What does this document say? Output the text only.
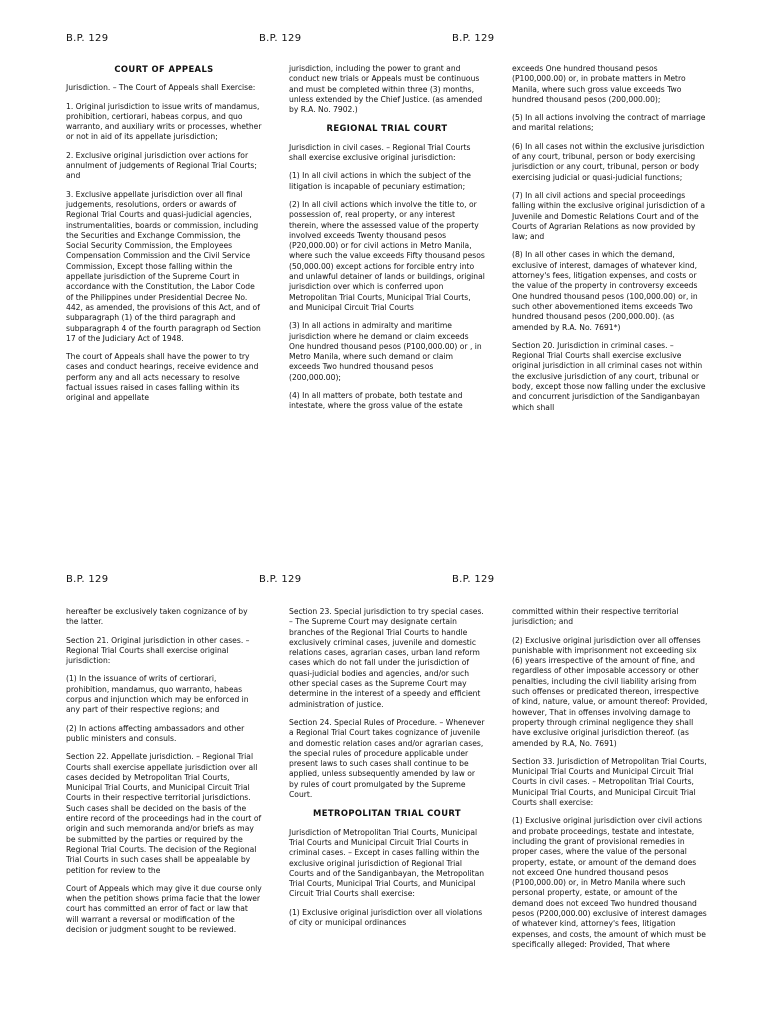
B.P. 129	B.P. 129	B.P. 129
COURT OF APPEALS

Jurisdiction. – The Court of Appeals shall Exercise:

1. Original jurisdiction to issue writs of mandamus, prohibition, certiorari, habeas corpus, and quo warranto, and auxiliary writs or processes, whether or not in aid of its appellate jurisdiction;

2. Exclusive original jurisdiction over actions for annulment of judgements of Regional Trial Courts; and

3. Exclusive appellate jurisdiction over all final judgements, resolutions, orders or awards of Regional Trial Courts and quasi-judicial agencies, instrumentalities, boards or commission, including the Securities and Exchange Commission, the Social Security Commission, the Employees Compensation Commission and the Civil Service Commission, Except those falling within the appellate jurisdiction of the Supreme Court in accordance with the Constitution, the Labor Code of the Philippines under Presidential Decree No. 442, as amended, the provisions of this Act, and of subparagraph (1) of the third paragraph and subparagraph 4 of the fourth paragraph od Section 17 of the Judiciary Act of 1948.

The court of Appeals shall have the power to try cases and conduct hearings, receive evidence and perform any and all acts necessary to resolve factual issues raised in cases falling within its original and appellate

jurisdiction, including the power to grant and conduct new trials or Appeals must be continuous and must be completed within three (3) months, unless extended by the Chief Justice. (as amended by R.A. No. 7902.)

REGIONAL TRIAL COURT

Jurisdiction in civil cases. – Regional Trial Courts shall exercise exclusive original jurisdiction:

(1) In all civil actions in which the subject of the litigation is incapable of pecuniary estimation;

(2) In all civil actions which involve the title to, or possession of, real property, or any interest therein, where the assessed value of the property involved exceeds Twenty thousand pesos (P20,000.00) or for civil actions in Metro Manila, where such the value exceeds Fifty thousand pesos (50,000.00) except actions for forcible entry into and unlawful detainer of lands or buildings, original jurisdiction over which is conferred upon Metropolitan Trial Courts, Municipal Trial Courts, and Municipal Circuit Trial Courts

(3) In all actions in admiralty and maritime jurisdiction where he demand or claim exceeds One hundred thousand pesos (P100,000.00) or , in Metro Manila, where such demand or claim exceeds Two hundred thousand pesos (200,000.00);

(4) In all matters of probate, both testate and intestate, where the gross value of the estate

exceeds One hundred thousand pesos (P100,000.00) or, in probate matters in Metro Manila, where such gross value exceeds Two hundred thousand pesos (200,000.00);

(5) In all actions involving the contract of marriage and marital relations;

(6) In all cases not within the exclusive jurisdiction of any court, tribunal, person or body exercising jurisdiction or any court, tribunal, person or body exercising judicial or quasi-judicial functions;

(7) In all civil actions and special proceedings falling within the exclusive original jurisdiction of a Juvenile and Domestic Relations Court and of the Courts of Agrarian Relations as now provided by law; and

(8) In all other cases in which the demand, exclusive of interest, damages of whatever kind, attorney's fees, litigation expenses, and costs or the value of the property in controversy exceeds One hundred thousand pesos (100,000.00) or, in such other abovementioned items exceeds Two hundred thousand pesos (200,000.00). (as amended by R.A. No. 7691*)

Section 20. Jurisdiction in criminal cases. – Regional Trial Courts shall exercise exclusive original jurisdiction in all criminal cases not within the exclusive jurisdiction of any court, tribunal or body, except those now falling under the exclusive and concurrent jurisdiction of the Sandiganbayan which shall

B.P. 129	B.P. 129	B.P. 129

hereafter be exclusively taken cognizance of by the latter.

Section 21. Original jurisdiction in other cases. – Regional Trial Courts shall exercise original jurisdiction:

(1) In the issuance of writs of certiorari, prohibition, mandamus, quo warranto, habeas corpus and injunction which may be enforced in any part of their respective regions; and

(2) In actions affecting ambassadors and other public ministers and consuls.

Section 22. Appellate jurisdiction. – Regional Trial Courts shall exercise appellate jurisdiction over all cases decided by Metropolitan Trial Courts, Municipal Trial Courts, and Municipal Circuit Trial Courts in their respective territorial jurisdictions. Such cases shall be decided on the basis of the entire record of the proceedings had in the court of origin and such memoranda and/or briefs as may be submitted by the parties or required by the Regional Trial Courts. The decision of the Regional Trial Courts in such cases shall be appealable by petition for review to the

Court of Appeals which may give it due course only when the petition shows prima facie that the lower court has committed an error of fact or law that will warrant a reversal or modification of the decision or judgment sought to be reviewed.

Section 23. Special jurisdiction to try special cases. – The Supreme Court may designate certain branches of the Regional Trial Courts to handle exclusively criminal cases, juvenile and domestic relations cases, agrarian cases, urban land reform cases which do not fall under the jurisdiction of quasi-judicial bodies and agencies, and/or such other special cases as the Supreme Court may determine in the interest of a speedy and efficient administration of justice.

Section 24. Special Rules of Procedure. – Whenever a Regional Trial Court takes cognizance of juvenile and domestic relation cases and/or agrarian cases, the special rules of procedure applicable under present laws to such cases shall continue to be applied, unless subsequently amended by law or by rules of court promulgated by the Supreme Court.

METROPOLITAN TRIAL COURT

Jurisdiction of Metropolitan Trial Courts, Municipal Trial Courts and Municipal Circuit Trial Courts in criminal cases. – Except in cases falling within the exclusive original jurisdiction of Regional Trial Courts and of the Sandiganbayan, the Metropolitan Trial Courts, Municipal Trial Courts, and Municipal Circuit Trial Courts shall exercise:

(1) Exclusive original jurisdiction over all violations of city or municipal ordinances

committed within their respective territorial jurisdiction; and

(2) Exclusive original jurisdiction over all offenses punishable with imprisonment not exceeding six (6) years irrespective of the amount of fine, and regardless of other imposable accessory or other penalties, including the civil liability arising from such offenses or predicated thereon, irrespective of kind, nature, value, or amount thereof: Provided, however, That in offenses involving damage to property through criminal negligence they shall have exclusive original jurisdiction thereof. (as amended by R.A, No. 7691)

Section 33. Jurisdiction of Metropolitan Trial Courts, Municipal Trial Courts and Municipal Circuit Trial Courts in civil cases. – Metropolitan Trial Courts, Municipal Trial Courts, and Municipal Circuit Trial Courts shall exercise:

(1) Exclusive original jurisdiction over civil actions and probate proceedings, testate and intestate, including the grant of provisional remedies in proper cases, where the value of the personal property, estate, or amount of the demand does not exceed One hundred thousand pesos (P100,000.00) or, in Metro Manila where such personal property, estate, or amount of the demand does not exceed Two hundred thousand pesos (P200,000.00) exclusive of interest damages of whatever kind, attorney's fees, litigation expenses, and costs, the amount of which must be specifically alleged: Provided, That where
